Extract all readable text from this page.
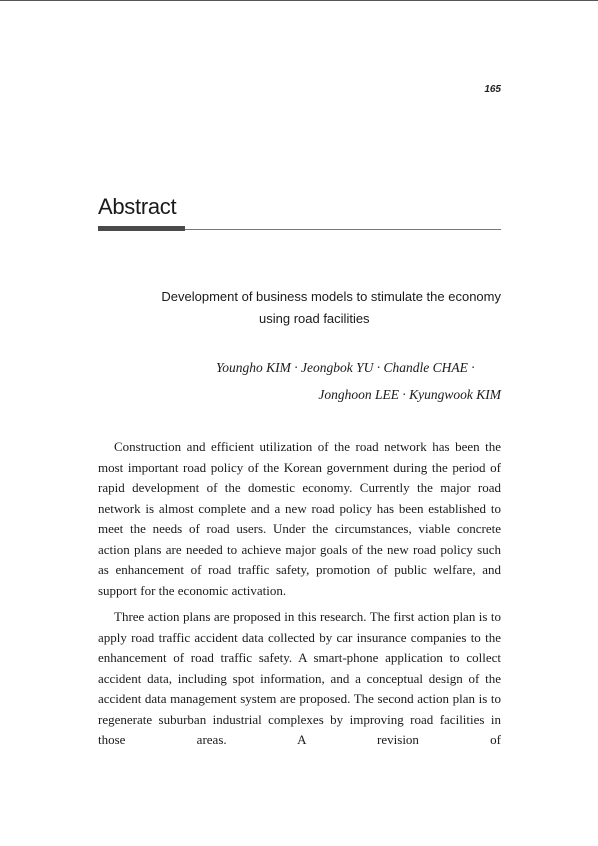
165
Abstract
Development of business models to stimulate the economy
using road facilities
Youngho KIM · Jeongbok YU · Chandle CHAE ·
Jonghoon LEE · Kyungwook KIM

Construction and efficient utilization of the road network has been the most important road policy of the Korean government during the period of rapid development of the domestic economy. Currently the major road network is almost complete and a new road policy has been established to meet the needs of road users. Under the circumstances, viable concrete action plans are needed to achieve major goals of the new road policy such as enhancement of road traffic safety, promotion of public welfare, and support for the economic activation.

Three action plans are proposed in this research. The first action plan is to apply road traffic accident data collected by car insurance companies to the enhancement of road traffic safety. A smart-phone application to collect accident data, including spot information, and a conceptual design of the accident data management system are proposed. The second action plan is to regenerate suburban industrial complexes by improving road facilities in those areas. A revision of
